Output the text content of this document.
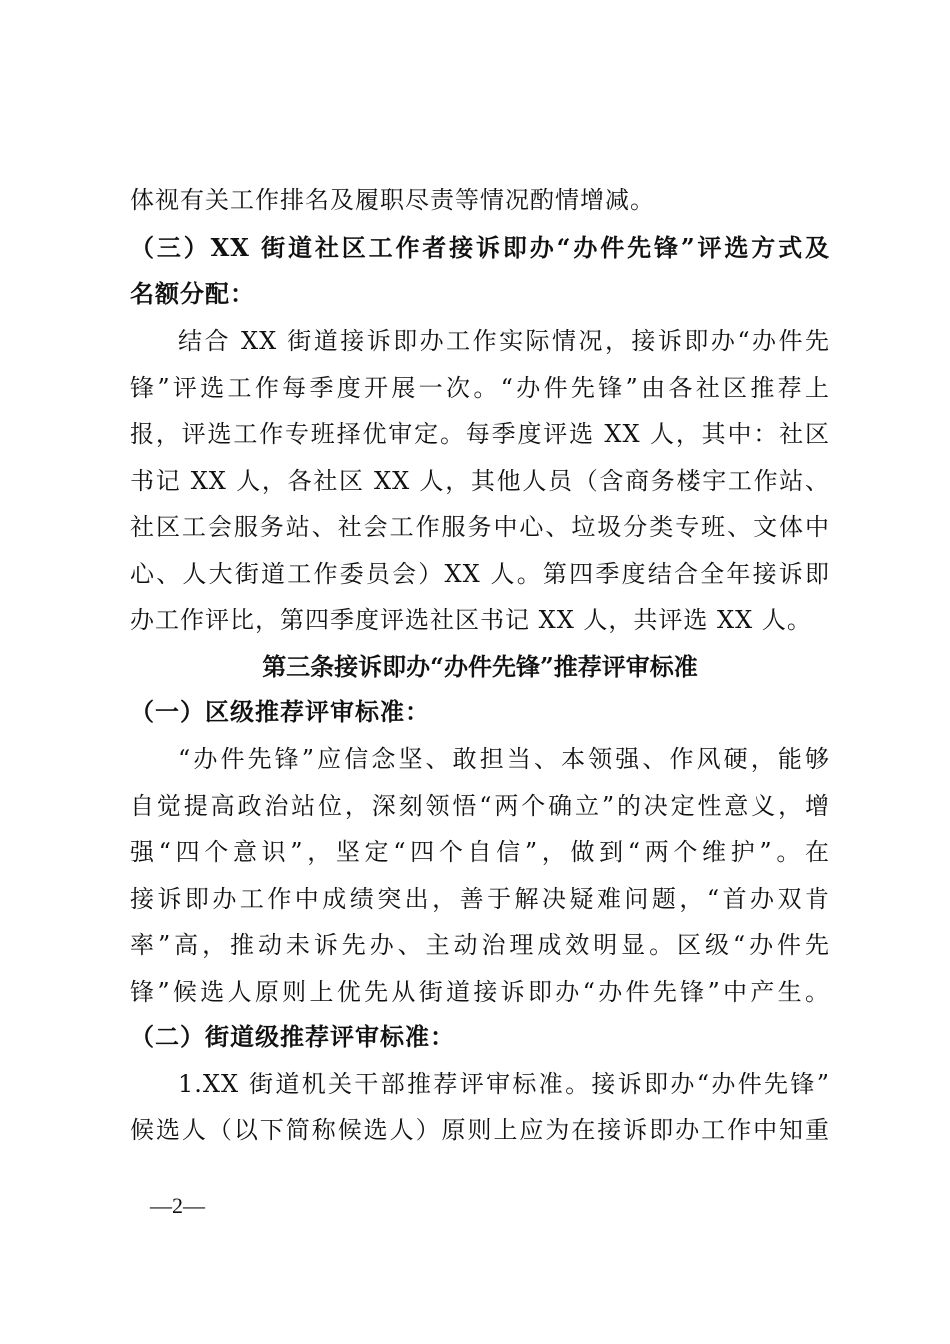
体视有关工作排名及履职尽责等情况酌情增减。
（三）XX 街道社区工作者接诉即办“办件先锋”评选方式及
名额分配：
结合 XX 街道接诉即办工作实际情况，接诉即办“办件先
锋”评选工作每季度开展一次。“办件先锋”由各社区推荐上
报，评选工作专班择优审定。每季度评选 XX 人，其中：社区
书记 XX 人，各社区 XX 人，其他人员（含商务楼宇工作站、
社区工会服务站、社会工作服务中心、垃圾分类专班、文体中
心、人大街道工作委员会）XX 人。第四季度结合全年接诉即
办工作评比，第四季度评选社区书记 XX 人，共评选 XX 人。
第三条接诉即办“办件先锋”推荐评审标准
（一）区级推荐评审标准：
“办件先锋”应信念坚、敢担当、本领强、作风硬，能够
自觉提高政治站位，深刻领悟“两个确立”的决定性意义，增
强“四个意识”，坚定“四个自信”，做到“两个维护”。在
接诉即办工作中成绩突出，善于解决疑难问题，“首办双肯
率”高，推动未诉先办、主动治理成效明显。区级“办件先
锋”候选人原则上优先从街道接诉即办“办件先锋”中产生。
（二）街道级推荐评审标准：
1.XX 街道机关干部推荐评审标准。接诉即办“办件先锋”
候选人（以下简称候选人）原则上应为在接诉即办工作中知重
—2—
